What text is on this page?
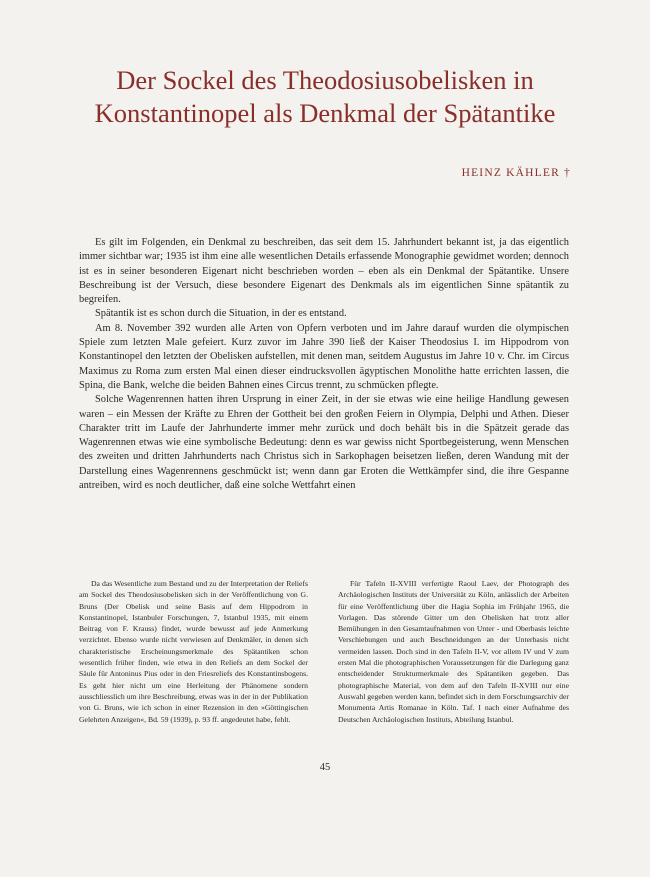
Der Sockel des Theodosiusobelisken in
Konstantinopel als Denkmal der Spätantike
HEINZ KÄHLER †

Es gilt im Folgenden, ein Denkmal zu beschreiben, das seit dem 15. Jahrhundert bekannt ist, ja das eigentlich immer sichtbar war; 1935 ist ihm eine alle wesentlichen Details erfassende Monographie gewidmet worden; dennoch ist es in seiner besonderen Eigenart nicht beschrieben worden – eben als ein Denkmal der Spätantike. Unsere Beschreibung ist der Versuch, diese besondere Eigenart des Denkmals als im eigentlichen Sinne spätantik zu begreifen.

Spätantik ist es schon durch die Situation, in der es entstand.

Am 8. November 392 wurden alle Arten von Opfern verboten und im Jahre darauf wurden die olympischen Spiele zum letzten Male gefeiert. Kurz zuvor im Jahre 390 ließ der Kaiser Theodosius I. im Hippodrom von Konstantinopel den letzten der Obelisken aufstellen, mit denen man, seitdem Augustus im Jahre 10 v. Chr. im Circus Maximus zu Roma zum ersten Mal einen dieser eindrucksvollen ägyptischen Monolithe hatte errichten lassen, die Spina, die Bank, welche die beiden Bahnen eines Circus trennt, zu schmücken pflegte.

Solche Wagenrennen hatten ihren Ursprung in einer Zeit, in der sie etwas wie eine heilige Handlung gewesen waren – ein Messen der Kräfte zu Ehren der Gottheit bei den großen Feiern in Olympia, Delphi und Athen. Dieser Charakter tritt im Laufe der Jahrhunderte immer mehr zurück und doch behält bis in die Spätzeit gerade das Wagenrennen etwas wie eine symbolische Bedeutung: denn es war gewiss nicht Sportbegeisterung, wenn Menschen des zweiten und dritten Jahrhunderts nach Christus sich in Sarkophagen beisetzen ließen, deren Wandung mit der Darstellung eines Wagenrennens geschmückt ist; wenn dann gar Eroten die Wettkämpfer sind, die ihre Gespanne antreiben, wird es noch deutlicher, daß eine solche Wettfahrt einen

Da das Wesentliche zum Bestand und zu der Interpretation der Reliefs am Sockel des Theodosiusobelisken sich in der Veröffentlichung von G. Bruns (Der Obelisk und seine Basis auf dem Hippodrom in Konstantinopel, Istanbuler Forschungen, 7, Istanbul 1935, mit einem Beitrag von F. Krauss) findet, wurde bewusst auf jede Anmerkung verzichtet. Ebenso wurde nicht verwiesen auf Denkmäler, in denen sich charakteristische Erscheinungsmerkmale des Spätantiken schon wesentlich früher finden, wie etwa in den Reliefs an dem Sockel der Säule für Antoninus Pius oder in den Friesreliefs des Konstantinsbogens. Es geht hier nicht um eine Herleitung der Phänomene sondern ausschliesslich um ihre Beschreibung, etwas was in der in der Publikation von G. Bruns, wie ich schon in einer Rezension in den »Göttingischen Gelehrten Anzeigen«, Bd. 59 (1939), p. 93 ff. angedeutet habe, fehlt.

Für Tafeln II-XVIII verfertigte Raoul Laev, der Photograph des Archäologischen Instituts der Universität zu Köln, anlässlich der Arbeiten für eine Veröffentlichung über die Hagia Sophia im Frühjahr 1965, die Vorlagen. Das störende Gitter um den Obelisken hat trotz aller Bemühungen in den Gesamtaufnahmen von Unter - und Oberbasis leichte Verschiebungen und auch Beschneidungen an der Unterbasis nicht vermeiden lassen. Doch sind in den Tafeln II-V, vor allem IV und V zum ersten Mal die photographischen Voraussetzungen für die Darlegung ganz entscheidender Strukturmerkmale des Spätantiken gegeben. Das photographische Material, von dem auf den Tafeln II-XVIII nur eine Auswahl gegeben werden kann, befindet sich in dem Forschungsarchiv der Monumenta Artis Romanae in Köln. Taf. I nach einer Aufnahme des Deutschen Archäologischen Instituts, Abteilung Istanbul.

45
